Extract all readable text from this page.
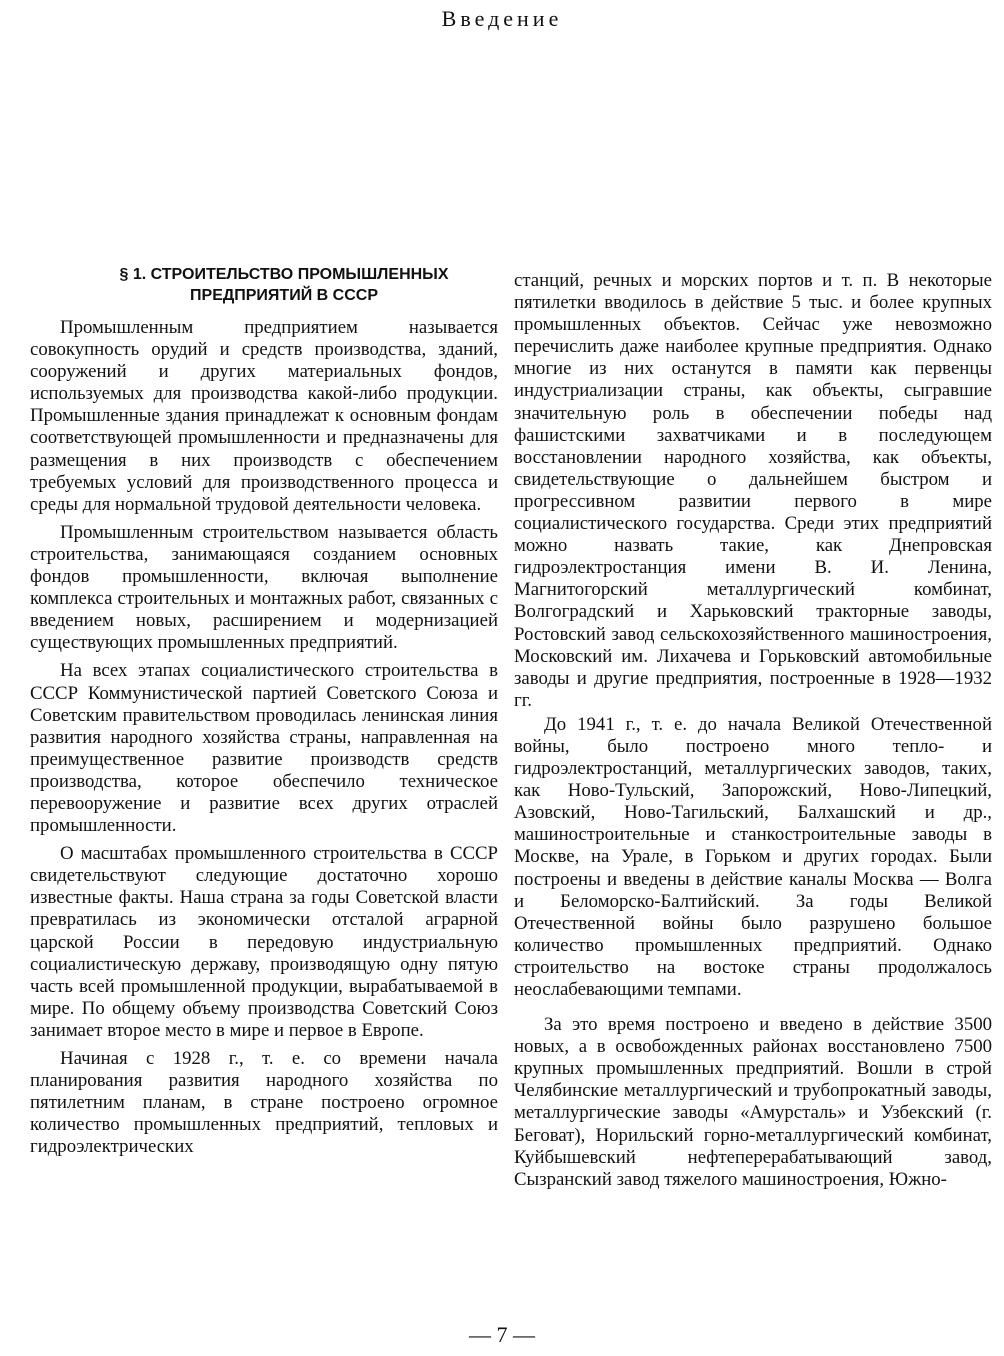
Введение
§ 1. СТРОИТЕЛЬСТВО ПРОМЫШЛЕННЫХ
ПРЕДПРИЯТИЙ В СССР

Промышленным предприятием называется совокупность орудий и средств производства, зданий, сооружений и других материальных фондов, используемых для производства какой-либо продукции. Промышленные здания принадлежат к основным фондам соответствующей промышленности и предназначены для размещения в них производств с обеспечением требуемых условий для производственного процесса и среды для нормальной трудовой деятельности человека.

Промышленным строительством называется область строительства, занимающаяся созданием основных фондов промышленности, включая выполнение комплекса строительных и монтажных работ, связанных с введением новых, расширением и модернизацией существующих промышленных предприятий.

На всех этапах социалистического строительства в СССР Коммунистической партией Советского Союза и Советским правительством проводилась ленинская линия развития народного хозяйства страны, направленная на преимущественное развитие производств средств производства, которое обеспечило техническое перевооружение и развитие всех других отраслей промышленности.

О масштабах промышленного строительства в СССР свидетельствуют следующие достаточно хорошо известные факты. Наша страна за годы Советской власти превратилась из экономически отсталой аграрной царской России в передовую индустриальную социалистическую державу, производящую одну пятую часть всей промышленной продукции, вырабатываемой в мире. По общему объему производства Советский Союз занимает второе место в мире и первое в Европе.

Начиная с 1928 г., т. е. со времени начала планирования развития народного хозяйства по пятилетним планам, в стране построено огромное количество промышленных предприятий, тепловых и гидроэлектрических

станций, речных и морских портов и т. п. В некоторые пятилетки вводилось в действие 5 тыс. и более крупных промышленных объектов. Сейчас уже невозможно перечислить даже наиболее крупные предприятия. Однако многие из них останутся в памяти как первенцы индустриализации страны, как объекты, сыгравшие значительную роль в обеспечении победы над фашистскими захватчиками и в последующем восстановлении народного хозяйства, как объекты, свидетельствующие о дальнейшем быстром и прогрессивном развитии первого в мире социалистического государства. Среди этих предприятий можно назвать такие, как Днепровская гидроэлектростанция имени В. И. Ленина, Магнитогорский металлургический комбинат, Волгоградский и Харьковский тракторные заводы, Ростовский завод сельскохозяйственного машиностроения, Московский им. Лихачева и Горьковский автомобильные заводы и другие предприятия, построенные в 1928—1932 гг.

До 1941 г., т. е. до начала Великой Отечественной войны, было построено много тепло- и гидроэлектростанций, металлургических заводов, таких, как Ново-Тульский, Запорожский, Ново-Липецкий, Азовский, Ново-Тагильский, Балхашский и др., машиностроительные и станкостроительные заводы в Москве, на Урале, в Горьком и других городах. Были построены и введены в действие каналы Москва — Волга и Беломорско-Балтийский. За годы Великой Отечественной войны было разрушено большое количество промышленных предприятий. Однако строительство на востоке страны продолжалось неослабевающими темпами.

За это время построено и введено в действие 3500 новых, а в освобожденных районах восстановлено 7500 крупных промышленных предприятий. Вошли в строй Челябинские металлургический и трубопрокатный заводы, металлургические заводы «Амурсталь» и Узбекский (г. Беговат), Норильский горно-металлургический комбинат, Куйбышевский нефтеперерабатывающий завод, Сызранский завод тяжелого машиностроения, Южно-

— 7 —
